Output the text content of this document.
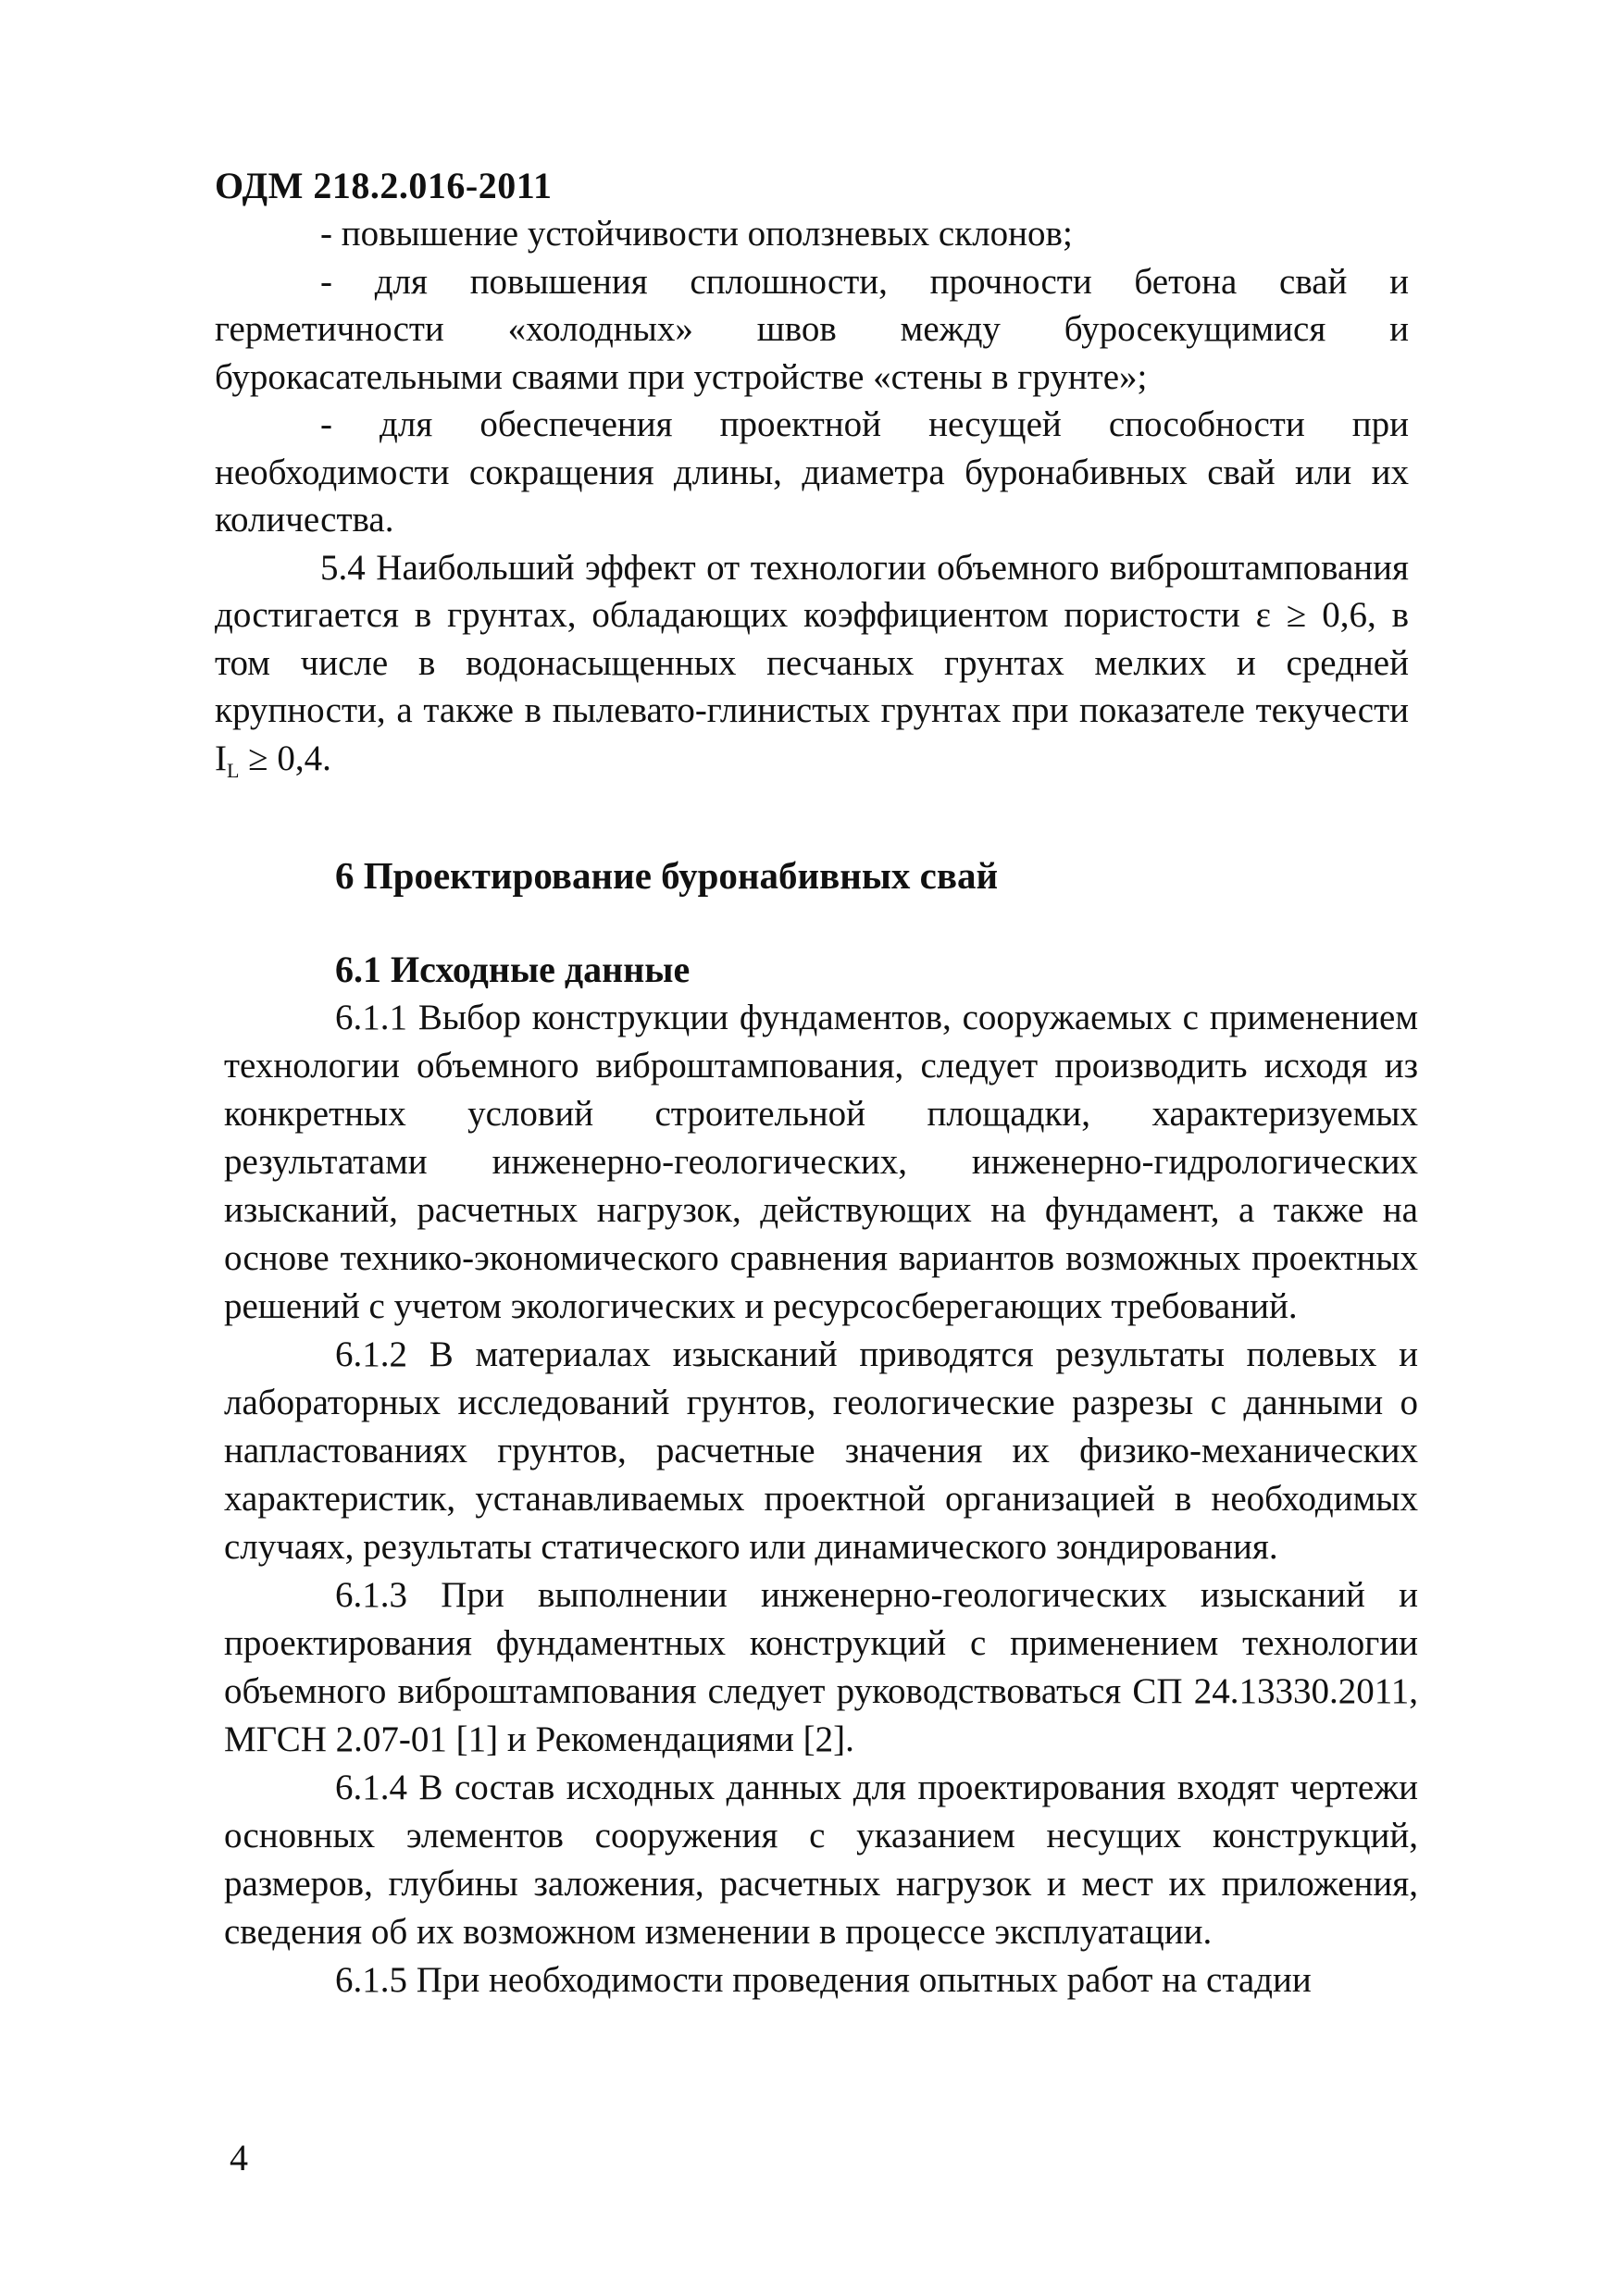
ОДМ 218.2.016-2011

- повышение устойчивости оползневых склонов;

- для повышения сплошности, прочности бетона свай и герметичности «холодных» швов между буросекущимися и бурокасательными сваями при устройстве «стены в грунте»;

- для обеспечения проектной несущей способности при необходимости сокращения длины, диаметра буронабивных свай или их количества.

5.4 Наибольший эффект от технологии объемного виброштампования достигается в грунтах, обладающих коэффициентом пористости ε ≥ 0,6, в том числе в водонасыщенных песчаных грунтах мелких и средней крупности, а также в пылевато-глинистых грунтах при показателе текучести $I_L \ge 0,4$.

6 Проектирование буронабивных свай
6.1 Исходные данные

6.1.1 Выбор конструкции фундаментов, сооружаемых с применением технологии объемного виброштампования, следует производить исходя из конкретных условий строительной площадки, характеризуемых результатами инженерно-геологических, инженерно-гидрологических изысканий, расчетных нагрузок, действующих на фундамент, а также на основе технико-экономического сравнения вариантов возможных проектных решений с учетом экологических и ресурсосберегающих требований.

6.1.2 В материалах изысканий приводятся результаты полевых и лабораторных исследований грунтов, геологические разрезы с данными о напластованиях грунтов, расчетные значения их физико-механических характеристик, устанавливаемых проектной организацией в необходимых случаях, результаты статического или динамического зондирования.

6.1.3 При выполнении инженерно-геологических изысканий и проектирования фундаментных конструкций с применением технологии объемного виброштампования следует руководствоваться СП 24.13330.2011, МГСН 2.07-01 [1] и Рекомендациями [2].

6.1.4 В состав исходных данных для проектирования входят чертежи основных элементов сооружения с указанием несущих конструкций, размеров, глубины заложения, расчетных нагрузок и мест их приложения, сведения об их возможном изменении в процессе эксплуатации.

6.1.5 При необходимости проведения опытных работ на стадии

4
